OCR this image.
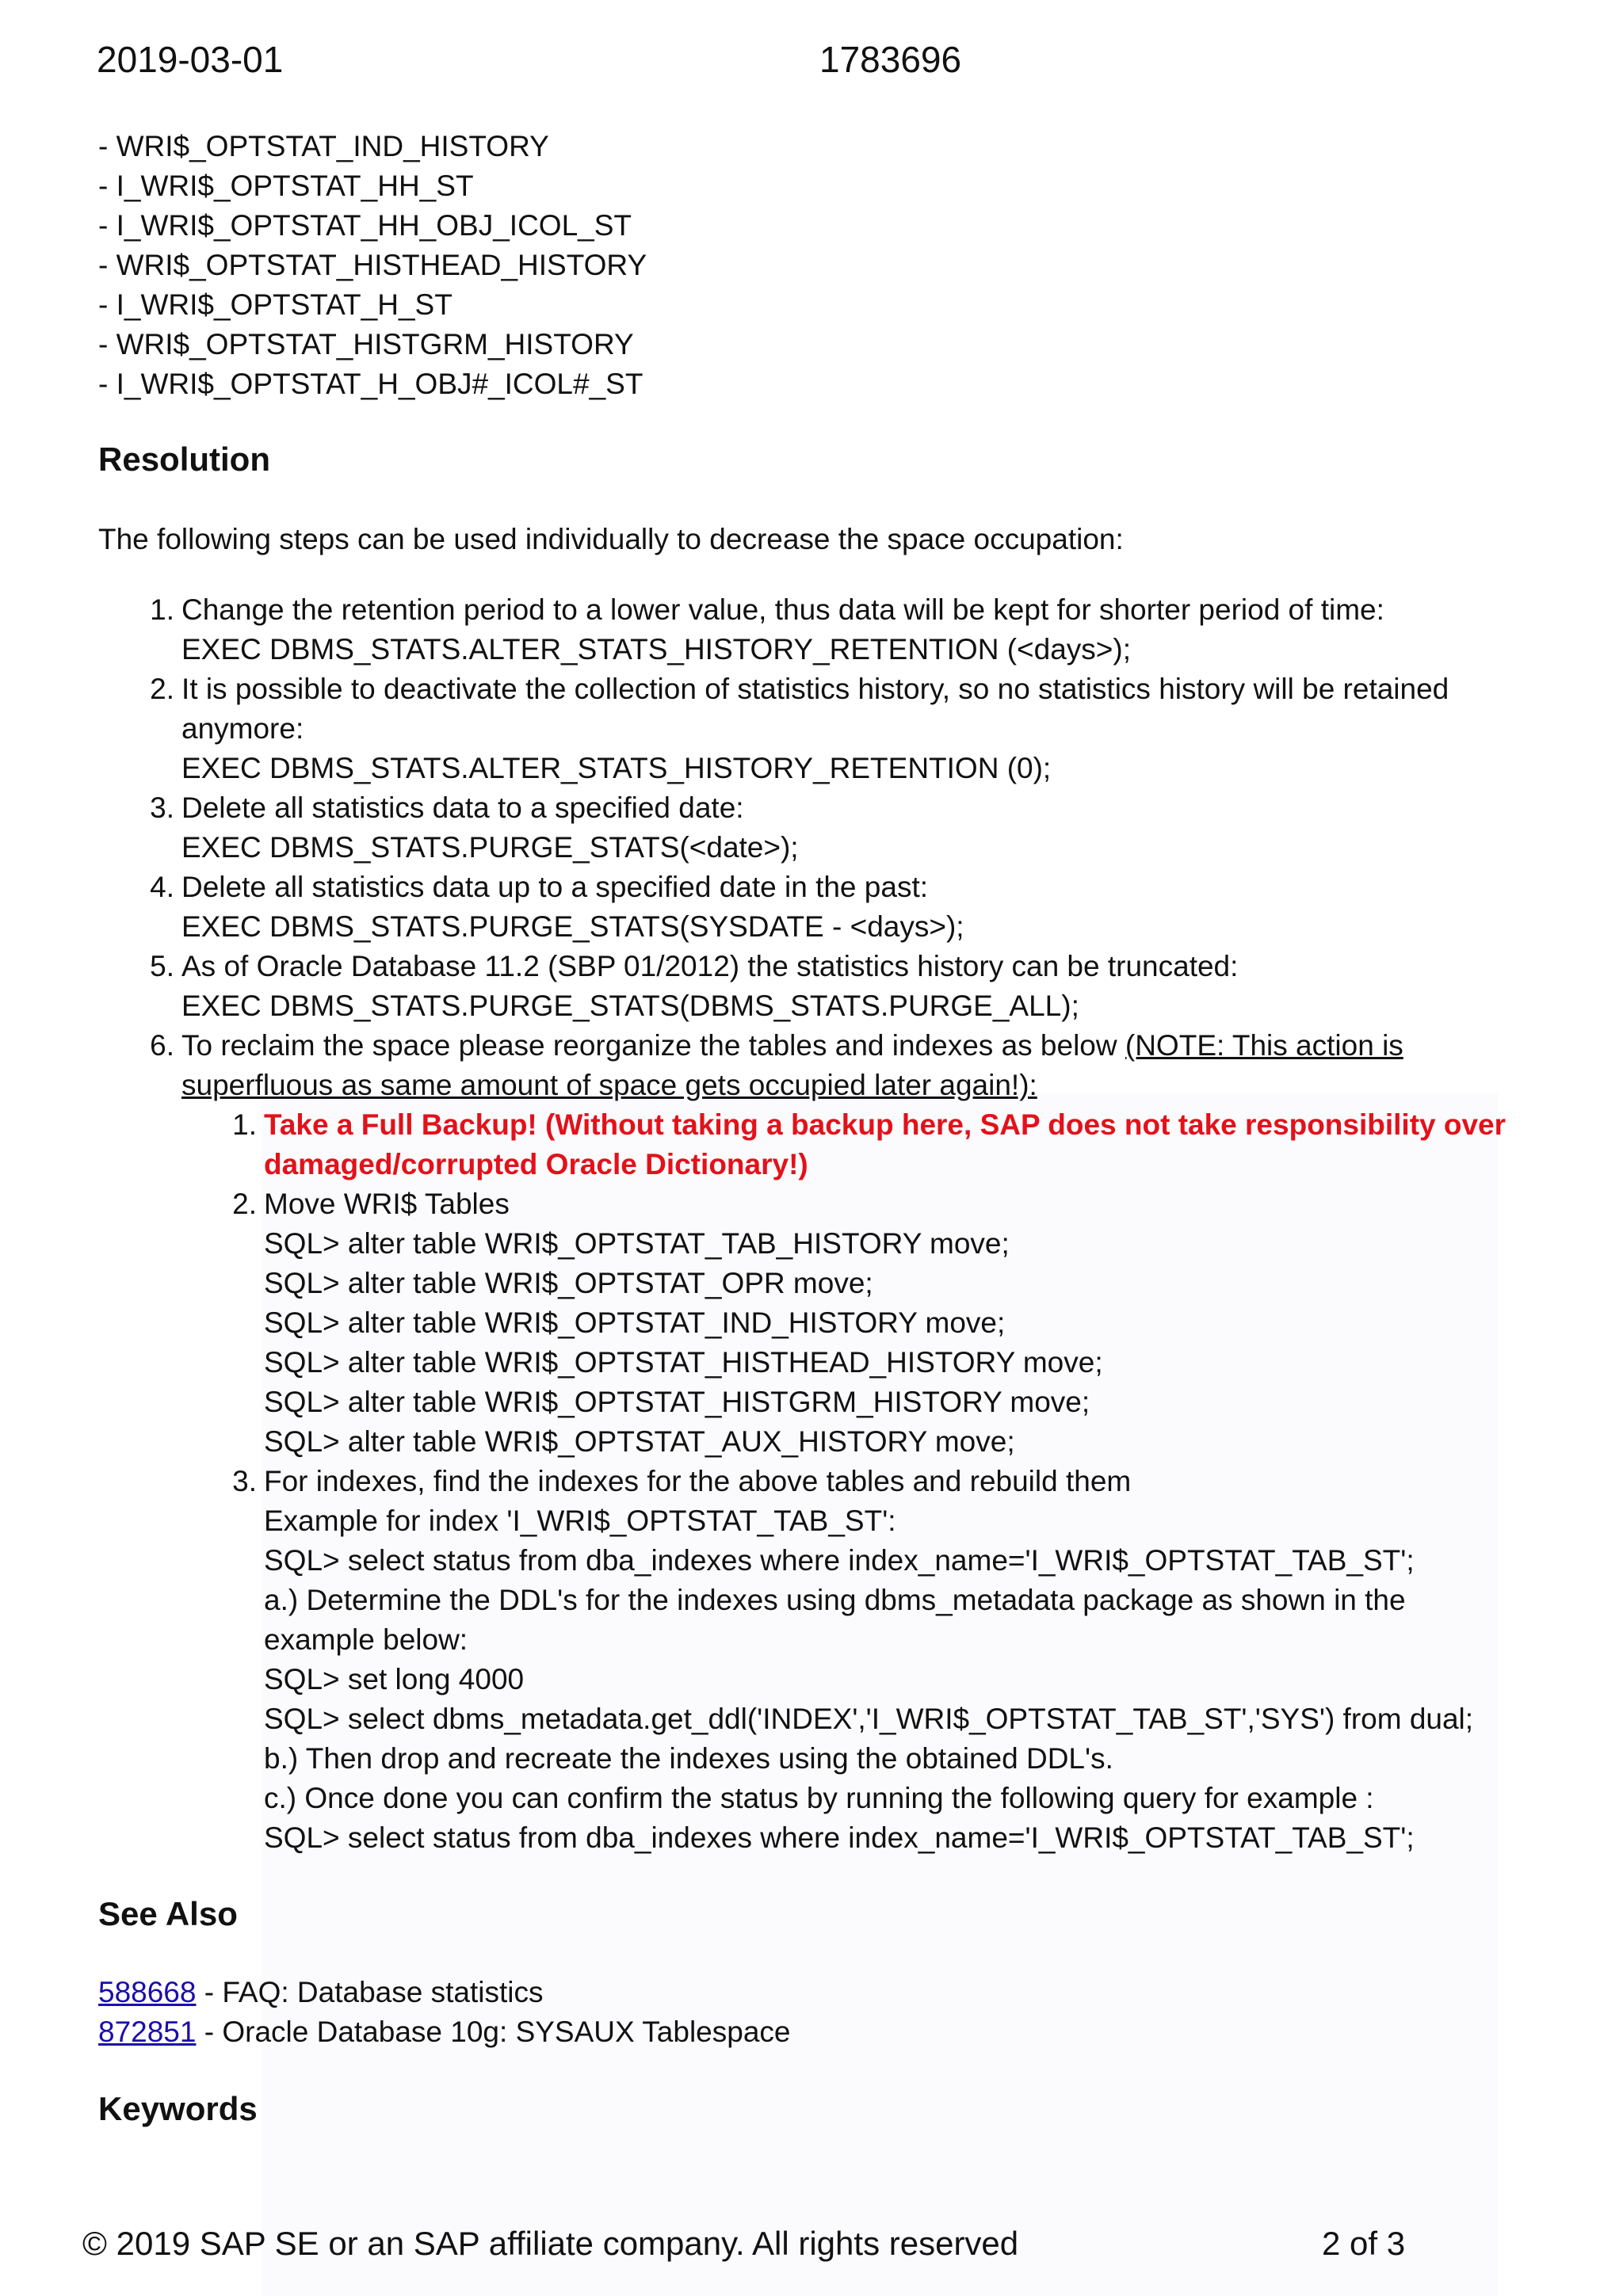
2019-03-01	1783696
- WRI$_OPTSTAT_IND_HISTORY
- I_WRI$_OPTSTAT_HH_ST
- I_WRI$_OPTSTAT_HH_OBJ_ICOL_ST
- WRI$_OPTSTAT_HISTHEAD_HISTORY
- I_WRI$_OPTSTAT_H_ST
- WRI$_OPTSTAT_HISTGRM_HISTORY
- I_WRI$_OPTSTAT_H_OBJ#_ICOL#_ST
Resolution
The following steps can be used individually to decrease the space occupation:
1. Change the retention period to a lower value, thus data will be kept for shorter period of time:
EXEC DBMS_STATS.ALTER_STATS_HISTORY_RETENTION (<days>);
2. It is possible to deactivate the collection of statistics history, so no statistics history will be retained
anymore:
EXEC DBMS_STATS.ALTER_STATS_HISTORY_RETENTION (0);
3. Delete all statistics data to a specified date:
EXEC DBMS_STATS.PURGE_STATS(<date>);
4. Delete all statistics data up to a specified date in the past:
EXEC DBMS_STATS.PURGE_STATS(SYSDATE - <days>);
5. As of Oracle Database 11.2 (SBP 01/2012) the statistics history can be truncated:
EXEC DBMS_STATS.PURGE_STATS(DBMS_STATS.PURGE_ALL);
6. To reclaim the space please reorganize the tables and indexes as below (NOTE: This action is
superfluous as same amount of space gets occupied later again!):
1. Take a Full Backup! (Without taking a backup here, SAP does not take responsibility over
damaged/corrupted Oracle Dictionary!)
2. Move WRI$ Tables
SQL> alter table WRI$_OPTSTAT_TAB_HISTORY move;
SQL> alter table WRI$_OPTSTAT_OPR move;
SQL> alter table WRI$_OPTSTAT_IND_HISTORY move;
SQL> alter table WRI$_OPTSTAT_HISTHEAD_HISTORY move;
SQL> alter table WRI$_OPTSTAT_HISTGRM_HISTORY move;
SQL> alter table WRI$_OPTSTAT_AUX_HISTORY move;
3. For indexes, find the indexes for the above tables and rebuild them
Example for index 'I_WRI$_OPTSTAT_TAB_ST':
SQL> select status from dba_indexes where index_name='I_WRI$_OPTSTAT_TAB_ST';
a.) Determine the DDL's for the indexes using dbms_metadata package as shown in the
example below:
SQL> set long 4000
SQL> select dbms_metadata.get_ddl('INDEX','I_WRI$_OPTSTAT_TAB_ST','SYS') from dual;
b.) Then drop and recreate the indexes using the obtained DDL's.
c.) Once done you can confirm the status by running the following query for example :
SQL> select status from dba_indexes where index_name='I_WRI$_OPTSTAT_TAB_ST';
See Also
588668 - FAQ: Database statistics
872851 - Oracle Database 10g: SYSAUX Tablespace
Keywords
© 2019 SAP SE or an SAP affiliate company. All rights reserved	2 of 3
